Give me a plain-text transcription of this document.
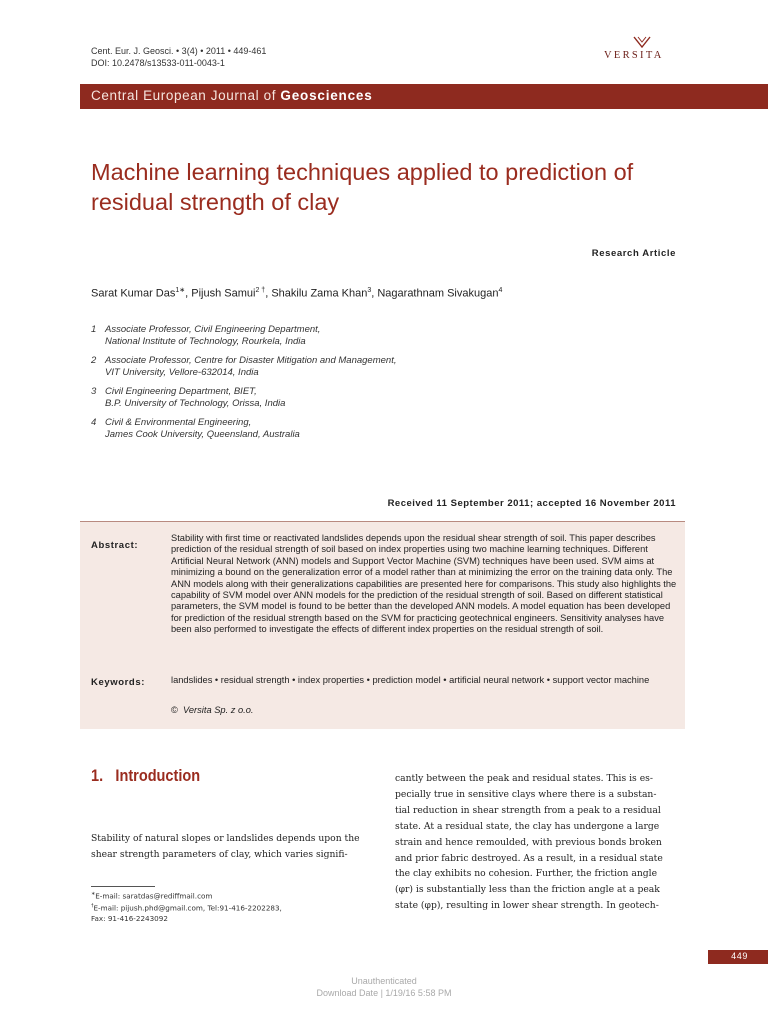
Cent. Eur. J. Geosci. • 3(4) • 2011 • 449-461
DOI: 10.2478/s13533-011-0043-1
VERSITA
Central European Journal of Geosciences
Machine learning techniques applied to prediction of residual strength of clay
Research Article
Sarat Kumar Das$^{1∗}$, Pijush Samui$^{2 \dagger}$, Shakilu Zama Khan$^3$, Nagarathnam Sivakugan$^4$
1 Associate Professor, Civil Engineering Department,
National Institute of Technology, Rourkela, India
2 Associate Professor, Centre for Disaster Mitigation and Management,
VIT University, Vellore-632014, India
3 Civil Engineering Department, BIET,
B.P. University of Technology, Orissa, India
4 Civil & Environmental Engineering,
James Cook University, Queensland, Australia
Received 11 September 2011; accepted 16 November 2011
Abstract:
Stability with first time or reactivated landslides depends upon the residual shear strength of soil. This paper describes prediction of the residual strength of soil based on index properties using two machine learning techniques. Different Artificial Neural Network (ANN) models and Support Vector Machine (SVM) techniques have been used. SVM aims at minimizing a bound on the generalization error of a model rather than at minimizing the error on the training data only. The ANN models along with their generalizations capabilities are presented here for comparisons. This study also highlights the capability of SVM model over ANN models for the prediction of the residual strength of soil. Based on different statistical parameters, the SVM model is found to be better than the developed ANN models. A model equation has been developed for prediction of the residual strength based on the SVM for practicing geotechnical engineers. Sensitivity analyses have been also performed to investigate the effects of different index properties on the residual strength of soil.
Keywords:	landslides • residual strength • index properties • prediction model • artificial neural network • support vector machine
© Versita Sp. z o.o.
1. Introduction
Stability of natural slopes or landslides depends upon the
shear strength parameters of clay, which varies signifi-
cantly between the peak and residual states. This is es-
pecially true in sensitive clays where there is a substan-
tial reduction in shear strength from a peak to a residual
state. At a residual state, the clay has undergone a large
strain and hence remoulded, with previous bonds broken
and prior fabric destroyed. As a result, in a residual state
the clay exhibits no cohesion. Further, the friction angle
(φr) is substantially less than the friction angle at a peak
state (φp), resulting in lower shear strength. In geotech-
∗E-mail: saratdas@rediffmail.com
†E-mail: pijush.phd@gmail.com, Tel:91-416-2202283,
Fax: 91-416-2243092
449
Unauthenticated
Download Date | 1/19/16 5:58 PM
